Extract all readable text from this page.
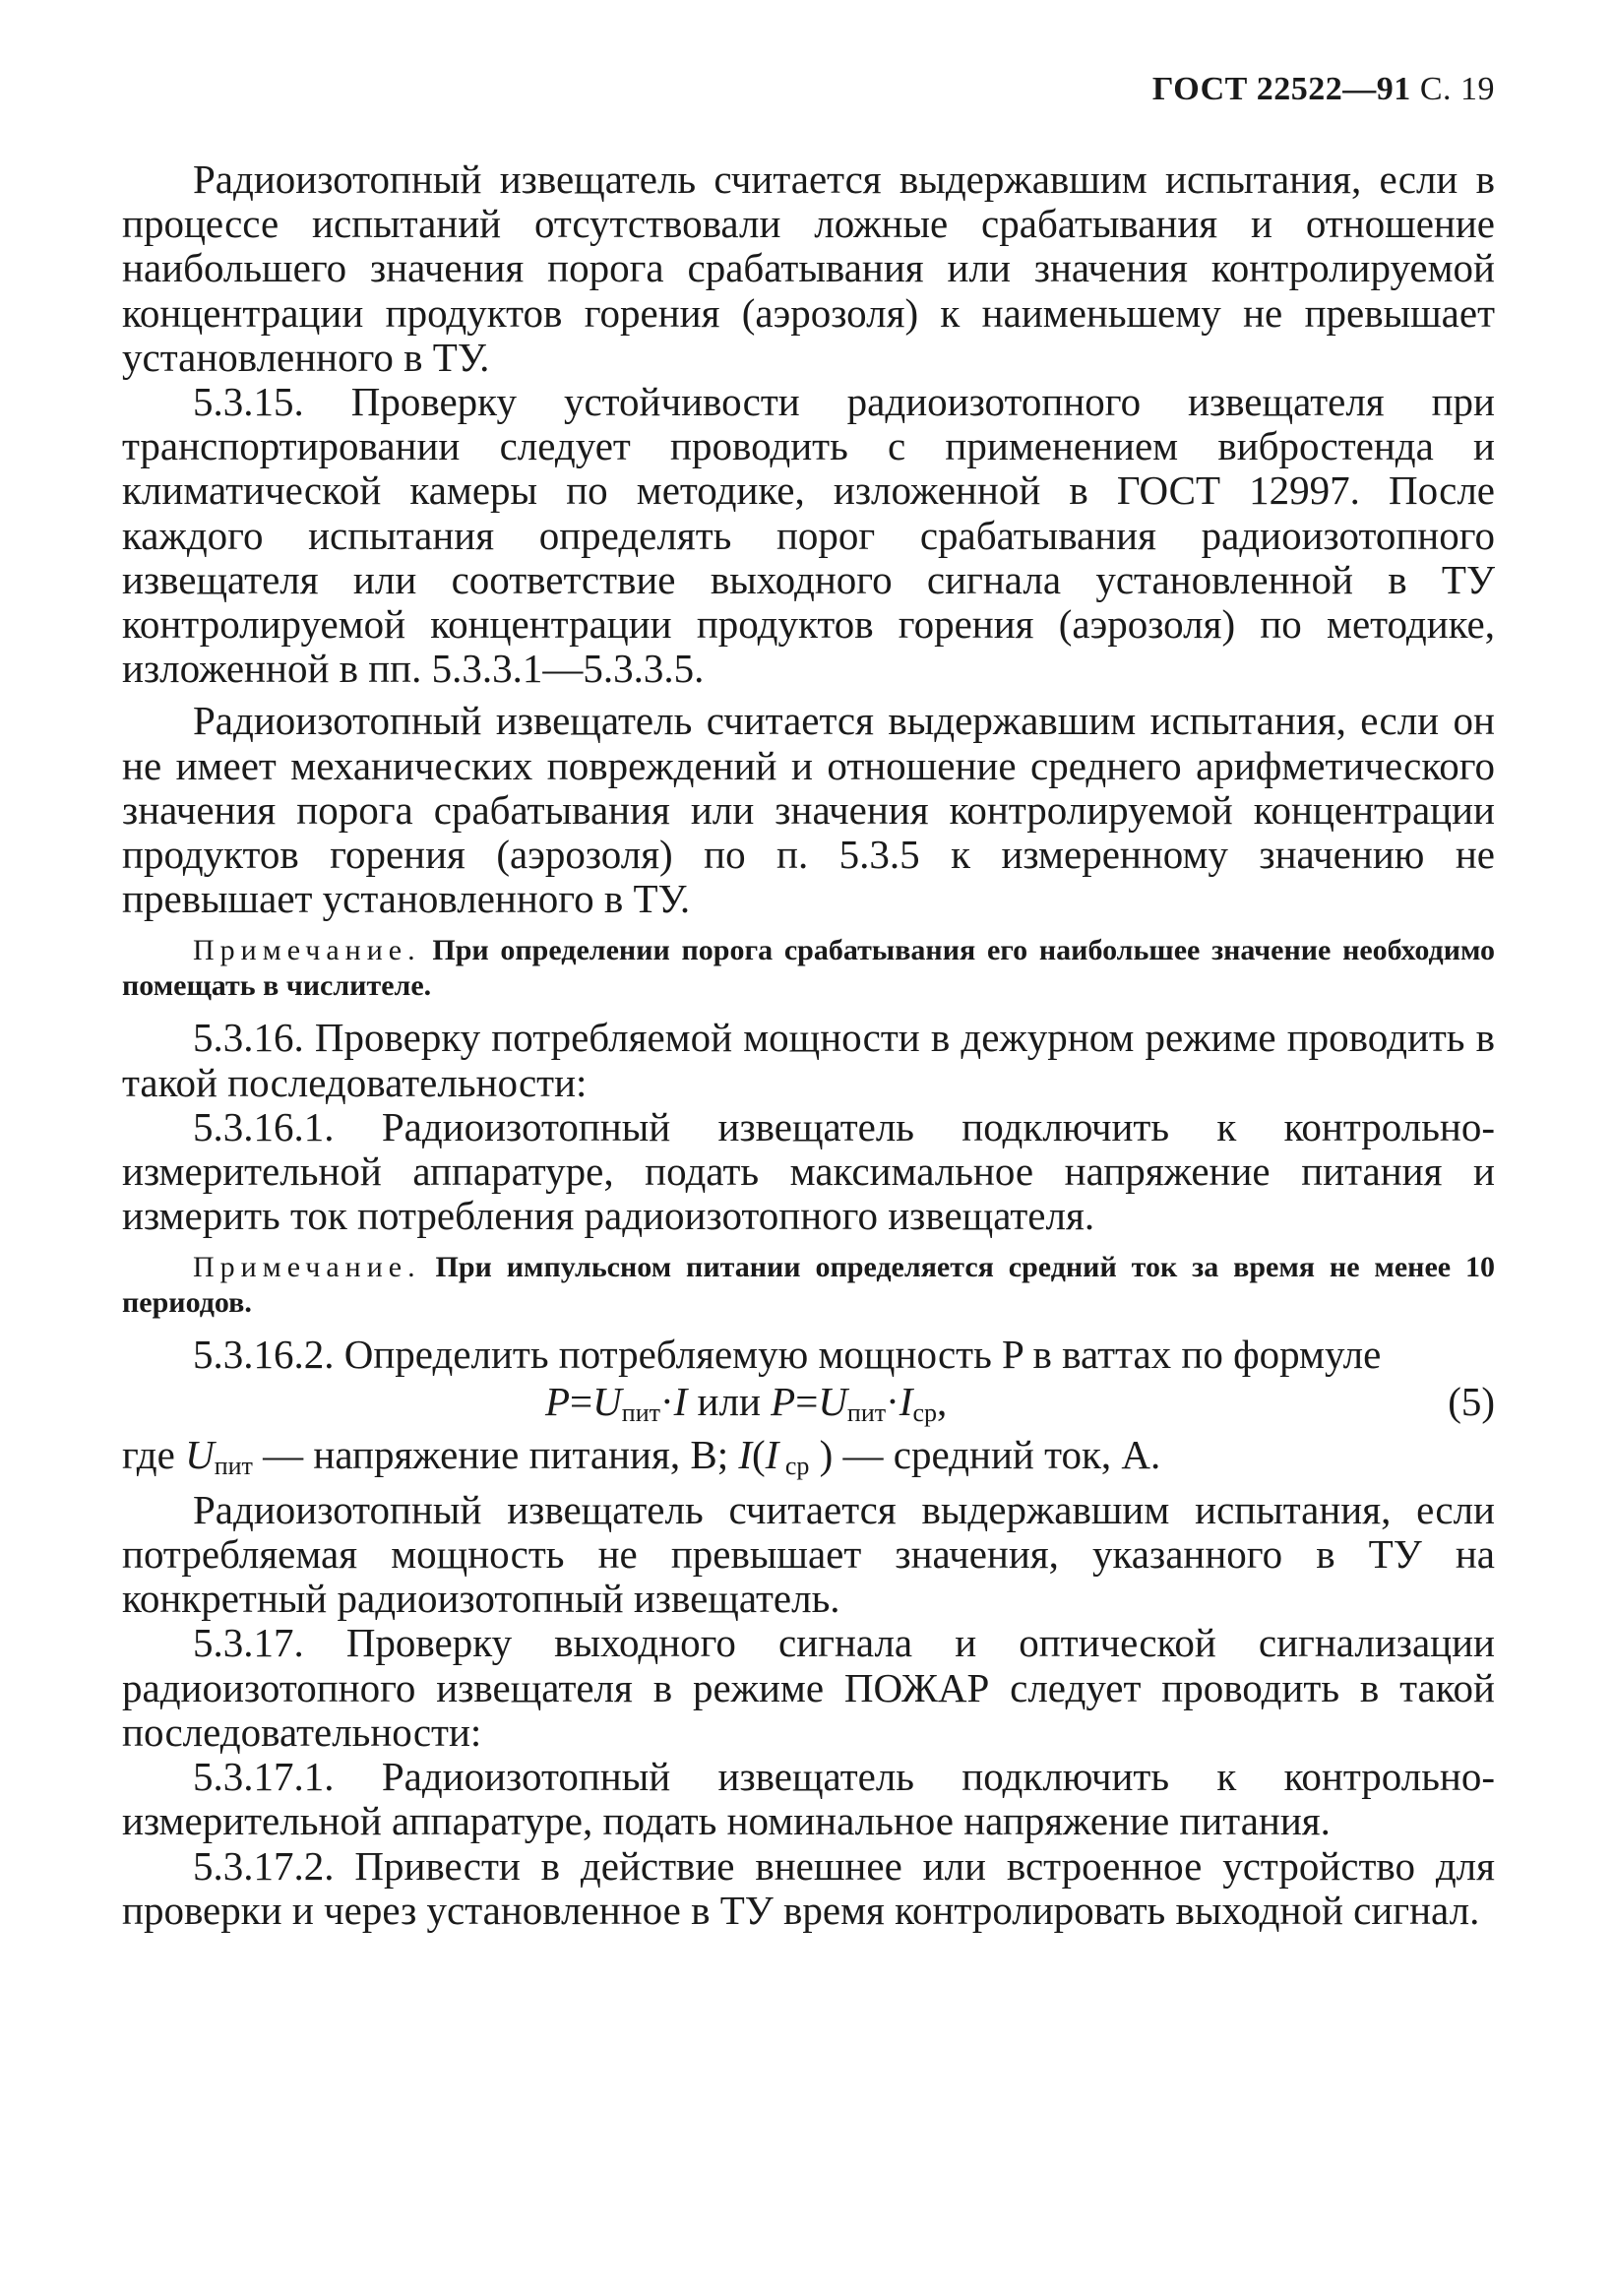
ГОСТ 22522—91 С. 19

Радиоизотопный извещатель считается выдержавшим испытания, если в процессе испытаний отсутствовали ложные срабатывания и отношение наибольшего значения порога срабатывания или значения контролируемой концентрации продуктов горения (аэрозоля) к наименьшему не превышает установленного в ТУ.

5.3.15. Проверку устойчивости радиоизотопного извещателя при транспортировании следует проводить с применением вибростенда и климатической камеры по методике, изложенной в ГОСТ 12997. После каждого испытания определять порог срабатывания радиоизотопного извещателя или соответствие выходного сигнала установленной в ТУ контролируемой концентрации продуктов горения (аэрозоля) по методике, изложенной в пп. 5.3.3.1—5.3.3.5.

Радиоизотопный извещатель считается выдержавшим испытания, если он не имеет механических повреждений и отношение среднего арифметического значения порога срабатывания или значения контролируемой концентрации продуктов горения (аэрозоля) по п. 5.3.5 к измеренному значению не превышает установленного в ТУ.

Примечание. При определении порога срабатывания его наибольшее значение необходимо помещать в числителе.

5.3.16. Проверку потребляемой мощности в дежурном режиме проводить в такой последовательности:

5.3.16.1. Радиоизотопный извещатель подключить к контрольно-измерительной аппаратуре, подать максимальное напряжение питания и измерить ток потребления радиоизотопного извещателя.

Примечание. При импульсном питании определяется средний ток за время не менее 10 периодов.

5.3.16.2. Определить потребляемую мощность P в ваттах по формуле

$P=U_{пит}\cdot I$ или $P=U_{пит}\cdot I_{ср}$,	(5)

где $U_{пит}$ — напряжение питания, В; I(I $_{ср}$ ) — средний ток, А.

Радиоизотопный извещатель считается выдержавшим испытания, если потребляемая мощность не превышает значения, указанного в ТУ на конкретный радиоизотопный извещатель.

5.3.17. Проверку выходного сигнала и оптической сигнализации радиоизотопного извещателя в режиме ПОЖАР следует проводить в такой последовательности:

5.3.17.1. Радиоизотопный извещатель подключить к контрольно-измерительной аппаратуре, подать номинальное напряжение питания.

5.3.17.2. Привести в действие внешнее или встроенное устройство для проверки и через установленное в ТУ время контролировать выходной сигнал.
